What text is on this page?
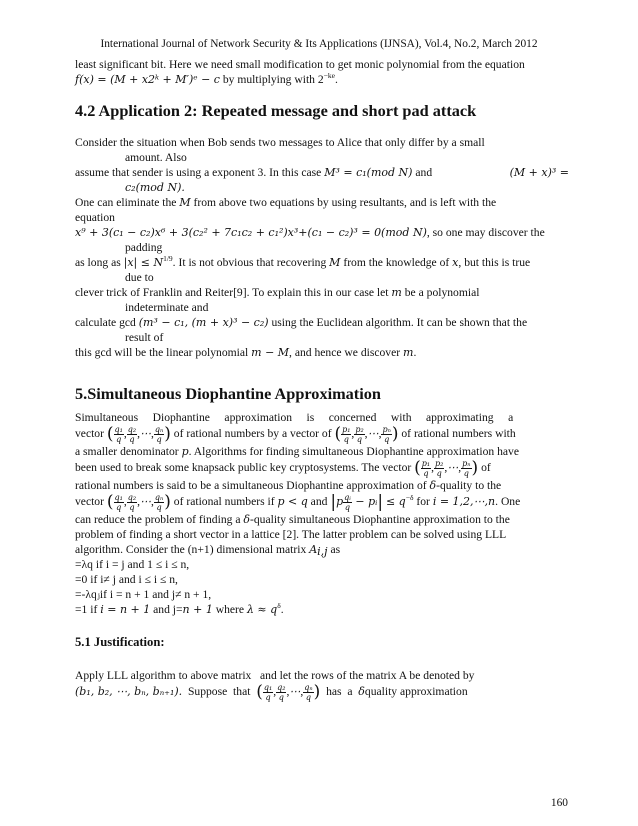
International Journal of Network Security & Its Applications (IJNSA), Vol.4, No.2, March 2012

least significant bit. Here we need small modification to get monic polynomial from the equation
f(x) = (M + x2ᵏ + M′)ᵉ − c by multiplying with $2^{-ke}$.

4.2 Application 2: Repeated message and short pad attack

Consider the situation when Bob sends two messages to Alice that only differ by a small
amount. Also
assume that sender is using a exponent 3. In this case M³ = c₁(mod N) and	(M + x)³ =

c₂(mod N).
One can eliminate the M from above two equations by using resultants, and is left with the
equation
x⁹ + 3(c₁ − c₂)x⁶ + 3(c₂² + 7c₁c₂ + c₁²)x³+(c₁ − c₂)³ = 0(mod N), so one may discover the
padding
as long as $|x| \le N^{1/9}$. It is not obvious that recovering M from the knowledge of x, but this is true
due to
clever trick of Franklin and Reiter[9]. To explain this in our case let m be a polynomial
indeterminate and
calculate gcd (m³ − c₁, (m + x)³ − c₂) using the Euclidean algorithm. It can be shown that the
result of
this gcd will be the linear polynomial m − M, and hence we discover m.

5.Simultaneous Diophantine Approximation

Simultaneous     Diophantine     approximation     is     concerned     with     approximating     a
vector ( $\frac{\text{q₁}}{q}$ , $\frac{\text{q₂}}{q}$ ,⋯, $\frac{\text{qₙ}}{q}$ ) of rational numbers by a vector of ( $\frac{\text{p₁}}{q}$ , $\frac{\text{p₂}}{q}$ ,⋯, $\frac{\text{pₙ}}{q}$ ) of rational numbers with
a smaller denominator p. Algorithms for finding simultaneous Diophantine approximation have
been used to break some knapsack public key cryptosystems. The vector ( $\frac{\text{p₁}}{q}$ , $\frac{\text{p₂}}{q}$ ,⋯, $\frac{\text{pₙ}}{q}$ ) of
rational numbers is said to be a simultaneous Diophantine approximation of δ-quality to the
vector ( $\frac{\text{q₁}}{q}$ , $\frac{\text{q₂}}{q}$ ,⋯, $\frac{\text{qₙ}}{q}$ ) of rational numbers if p < q and $|p \frac{\text{qᵢ}}{q}$ − pᵢ| ≤ $q^{-\delta}$ for i = 1,2,⋯,n. One
can reduce the problem of finding a δ-quality simultaneous Diophantine approximation to the
problem of finding a short vector in a lattice [2]. The latter problem can be solved using LLL
algorithm. Consider the (n+1) dimensional matrix $A_{i,j}$ as
=λq if i = j and 1 ≤ i ≤ n,
=0 if i≠ j and i ≤ i ≤ n,
=-λqⱼif i = n + 1 and j≠ n + 1,
=1 if i = n + 1 and j=n + 1 where $\lambda \approx q^\delta$.

5.1 Justification:

Apply LLL algorithm to above matrix   and let the rows of the matrix A be denoted by
(b₁, b₂, ⋯, bₙ, bₙ₊₁).  Suppose  that  ( $\frac{\text{q₁}}{q}$ , $\frac{\text{q₂}}{q}$ ,⋯, $\frac{\text{qₙ}}{q}$ )  has  a  δquality approximation

160
